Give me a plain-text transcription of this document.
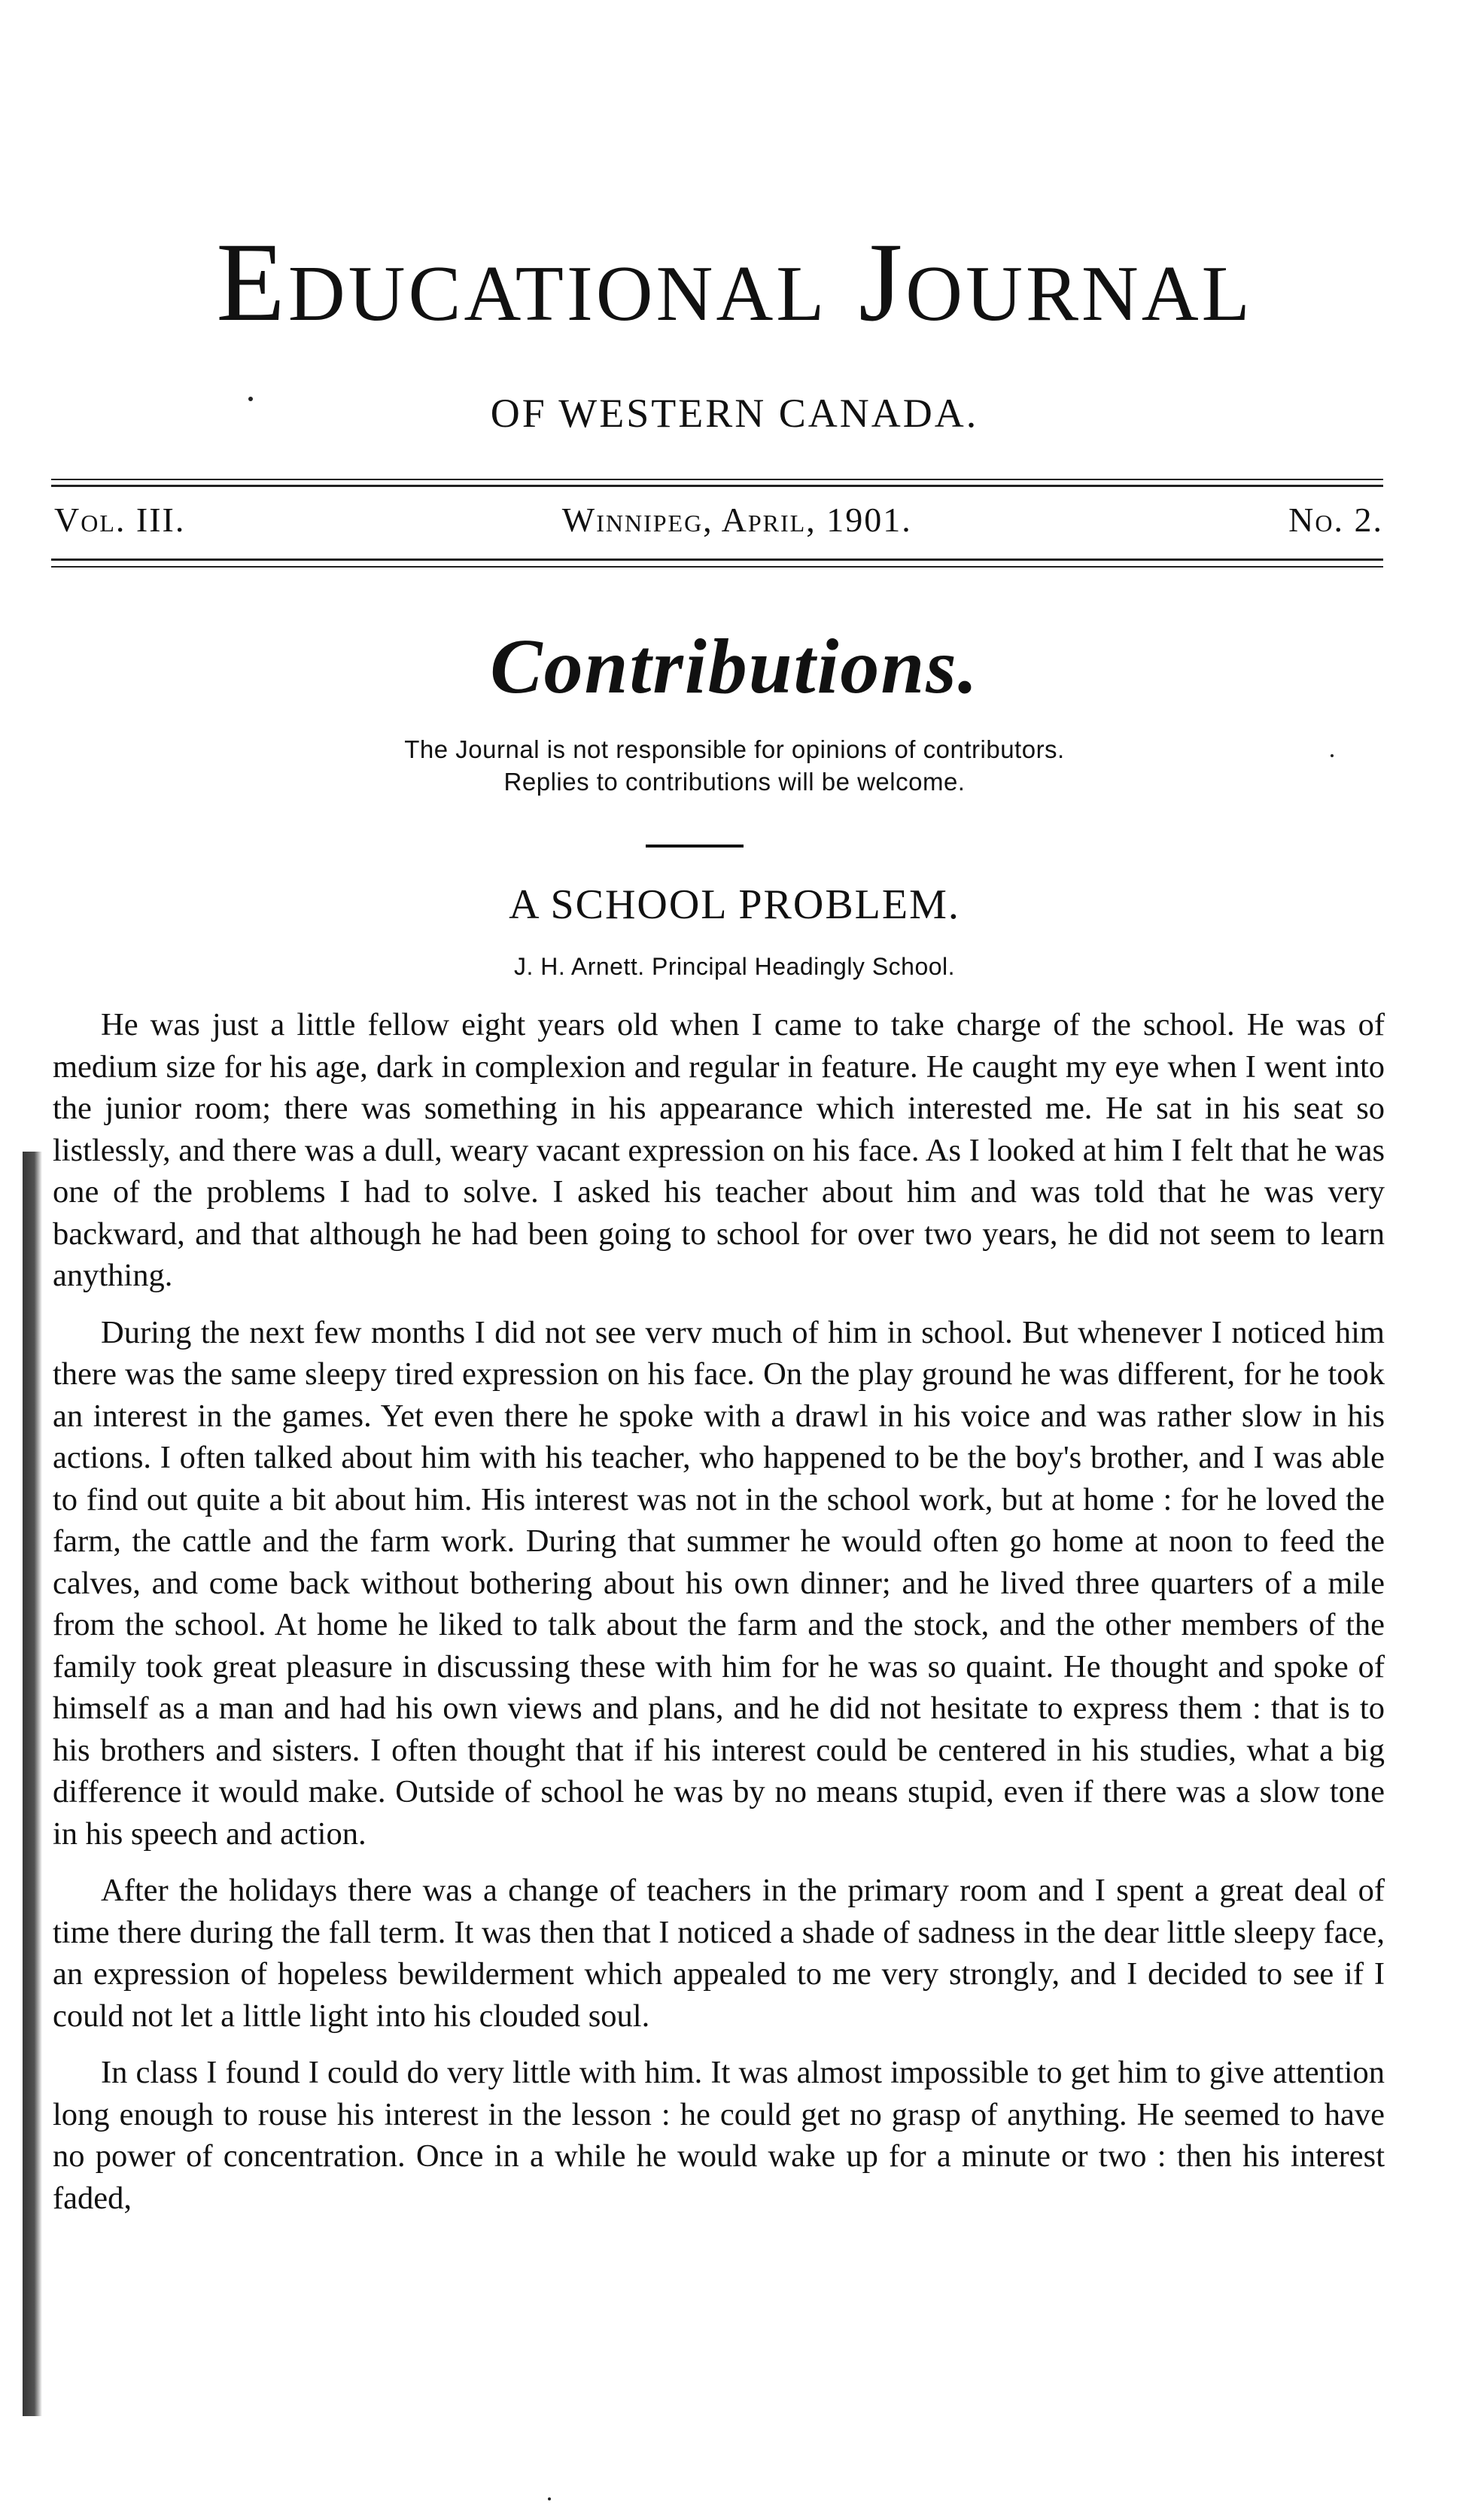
Educational Journal
OF WESTERN CANADA.
Vol. III.	Winnipeg, April, 1901.	No. 2.
Contributions.
The Journal is not responsible for opinions of contributors.
Replies to contributions will be welcome.
A SCHOOL PROBLEM.
J. H. Arnett. Principal Headingly School.

He was just a little fellow eight years old when I came to take charge of the school. He was of medium size for his age, dark in complexion and regular in feature. He caught my eye when I went into the junior room; there was something in his appearance which interested me. He sat in his seat so listlessly, and there was a dull, weary vacant expression on his face. As I looked at him I felt that he was one of the problems I had to solve. I asked his teacher about him and was told that he was very backward, and that although he had been going to school for over two years, he did not seem to learn anything.

During the next few months I did not see verv much of him in school. But whenever I noticed him there was the same sleepy tired expression on his face. On the play ground he was different, for he took an interest in the games. Yet even there he spoke with a drawl in his voice and was rather slow in his actions. I often talked about him with his teacher, who happened to be the boy's brother, and I was able to find out quite a bit about him. His interest was not in the school work, but at home : for he loved the farm, the cattle and the farm work. During that summer he would often go home at noon to feed the calves, and come back without bothering about his own dinner; and he lived three quarters of a mile from the school. At home he liked to talk about the farm and the stock, and the other members of the family took great pleasure in discussing these with him for he was so quaint. He thought and spoke of himself as a man and had his own views and plans, and he did not hesitate to express them : that is to his brothers and sisters. I often thought that if his interest could be centered in his studies, what a big difference it would make. Outside of school he was by no means stupid, even if there was a slow tone in his speech and action.

After the holidays there was a change of teachers in the primary room and I spent a great deal of time there during the fall term. It was then that I noticed a shade of sadness in the dear little sleepy face, an expression of hopeless bewilderment which appealed to me very strongly, and I decided to see if I could not let a little light into his clouded soul.

In class I found I could do very little with him. It was almost impossible to get him to give attention long enough to rouse his interest in the lesson : he could get no grasp of anything. He seemed to have no power of concentration. Once in a while he would wake up for a minute or two : then his interest faded,
